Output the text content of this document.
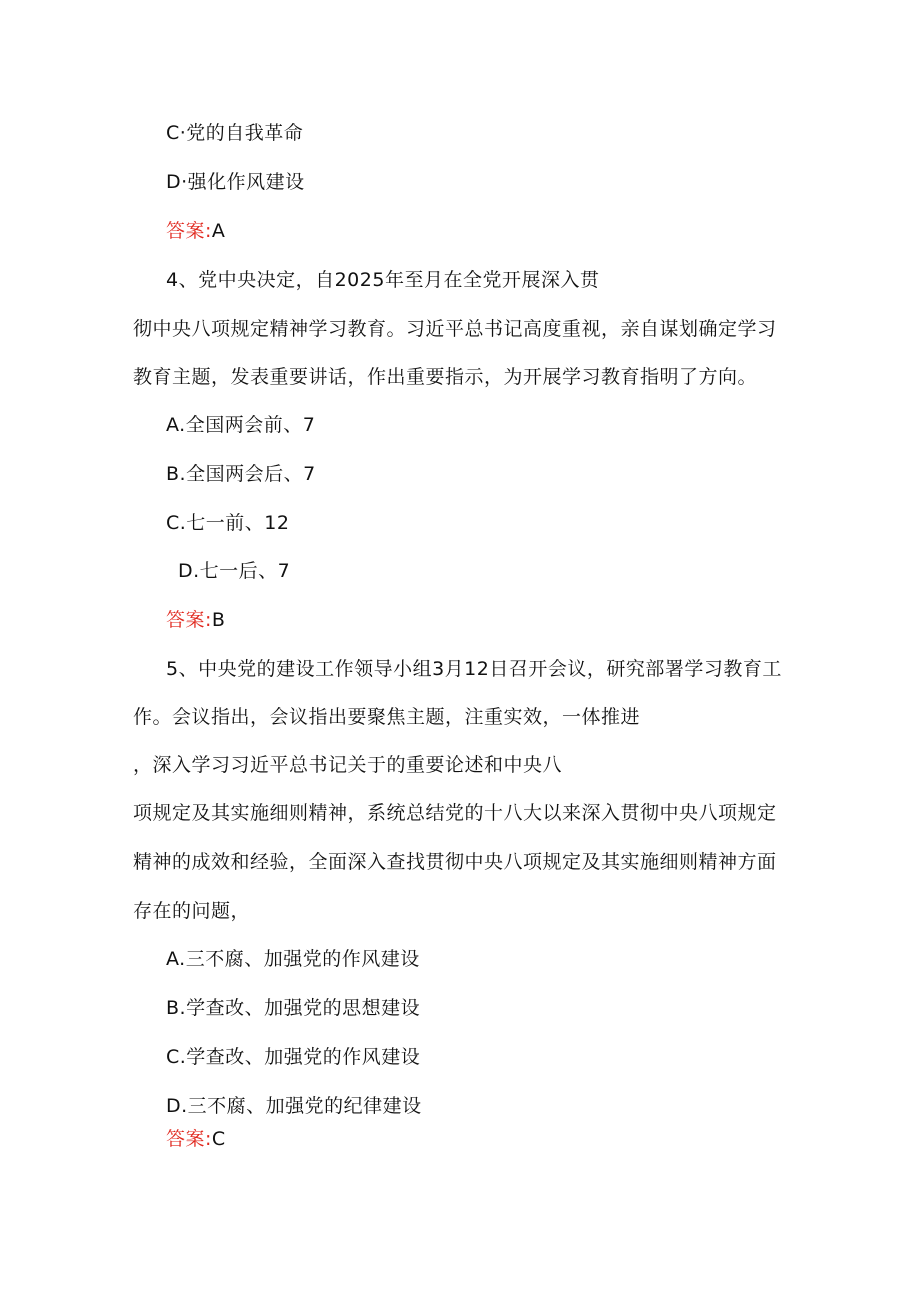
C·党的自我革命
D·强化作风建设
答案:A
4、党中央决定，自2025年至月在全党开展深入贯
彻中央八项规定精神学习教育。习近平总书记高度重视，亲自谋划确定学习
教育主题，发表重要讲话，作出重要指示，为开展学习教育指明了方向。
A.全国两会前、7
B.全国两会后、7
C.七一前、12
D.七一后、7
答案:B
5、中央党的建设工作领导小组3月12日召开会议，研究部署学习教育工
作。会议指出，会议指出要聚焦主题，注重实效，一体推进
，深入学习习近平总书记关于的重要论述和中央八
项规定及其实施细则精神，系统总结党的十八大以来深入贯彻中央八项规定
精神的成效和经验，全面深入查找贯彻中央八项规定及其实施细则精神方面
存在的问题，
A.三不腐、加强党的作风建设
B.学查改、加强党的思想建设
C.学查改、加强党的作风建设
D.三不腐、加强党的纪律建设
答案:C
